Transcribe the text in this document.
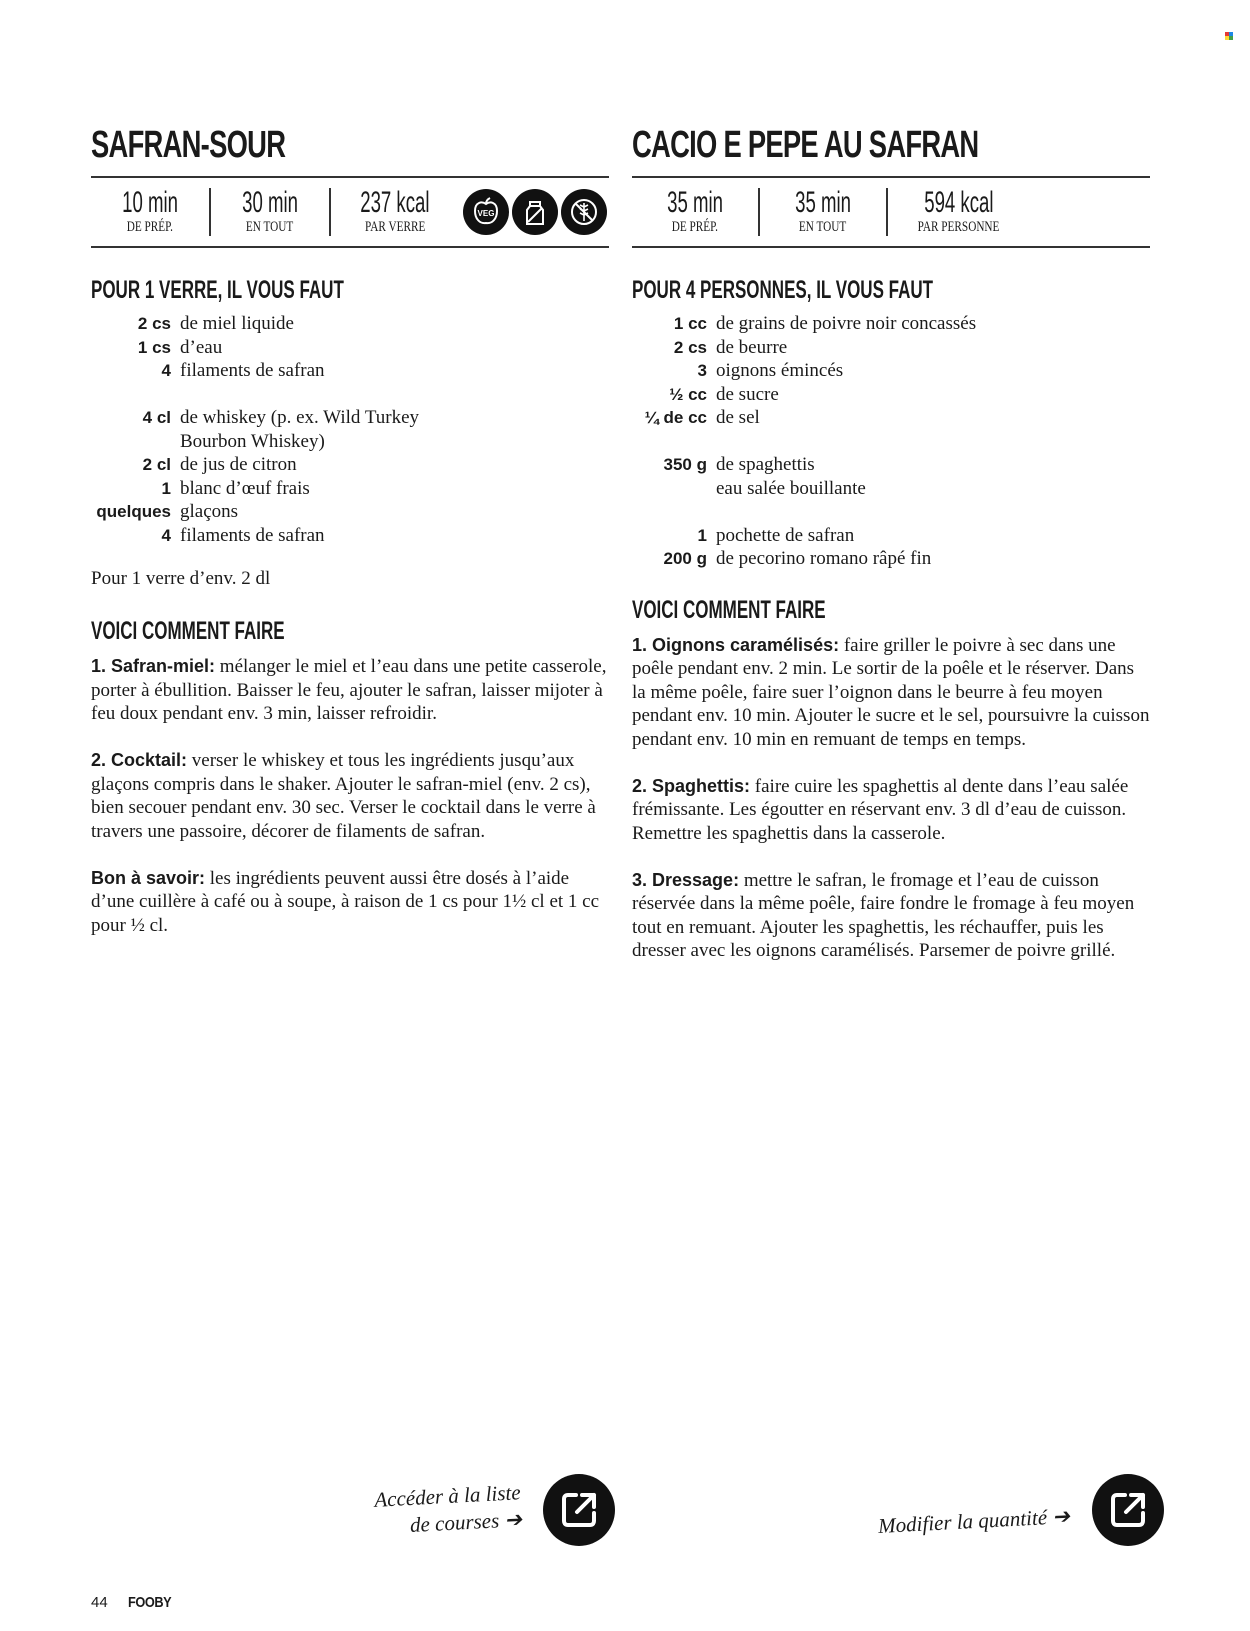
SAFRAN-SOUR
10 min
DE PRÉP.
30 min
EN TOUT
237 kcal
PAR VERRE
VEG
POUR 1 VERRE, IL VOUS FAUT
2 cs de miel liquide
1 cs d’eau
4 filaments de safran
4 cl de whiskey (p. ex. Wild Turkey Bourbon Whiskey)
2 cl de jus de citron
1 blanc d’œuf frais
quelques glaçons
4 filaments de safran
Pour 1 verre d’env. 2 dl
VOICI COMMENT FAIRE

1. Safran-miel: mélanger le miel et l’eau dans une petite casserole, porter à ébullition. Baisser le feu, ajouter le safran, laisser mijoter à feu doux pendant env. 3 min, laisser refroidir.

2. Cocktail: verser le whiskey et tous les ingrédients jusqu’aux glaçons compris dans le shaker. Ajouter le safran-miel (env. 2 cs), bien secouer pendant env. 30 sec. Verser le cocktail dans le verre à travers une passoire, décorer de filaments de safran.

Bon à savoir: les ingrédients peuvent aussi être dosés à l’aide d’une cuillère à café ou à soupe, à raison de 1 cs pour 1½ cl et 1 cc pour ½ cl.

CACIO E PEPE AU SAFRAN
35 min
DE PRÉP.
35 min
EN TOUT
594 kcal
PAR PERSONNE
POUR 4 PERSONNES, IL VOUS FAUT
1 cc de grains de poivre noir concassés
2 cs de beurre
3 oignons émincés
½ cc de sucre
¼ de cc de sel
350 g de spaghettis
eau salée bouillante
1 pochette de safran
200 g de pecorino romano râpé fin
VOICI COMMENT FAIRE

1. Oignons caramélisés: faire griller le poivre à sec dans une poêle pendant env. 2 min. Le sortir de la poêle et le réserver. Dans la même poêle, faire suer l’oignon dans le beurre à feu moyen pendant env. 10 min. Ajouter le sucre et le sel, poursuivre la cuisson pendant env. 10 min en remuant de temps en temps.

2. Spaghettis: faire cuire les spaghettis al dente dans l’eau salée frémissante. Les égoutter en réservant env. 3 dl d’eau de cuisson. Remettre les spaghettis dans la casserole.

3. Dressage: mettre le safran, le fromage et l’eau de cuisson réservée dans la même poêle, faire fondre le fromage à feu moyen tout en remuant. Ajouter les spaghettis, les réchauffer, puis les dresser avec les oignons caramélisés. Parsemer de poivre grillé.

Accéder à la liste
de courses ➔	Modifier la quantité ➔
44 FOOBY
